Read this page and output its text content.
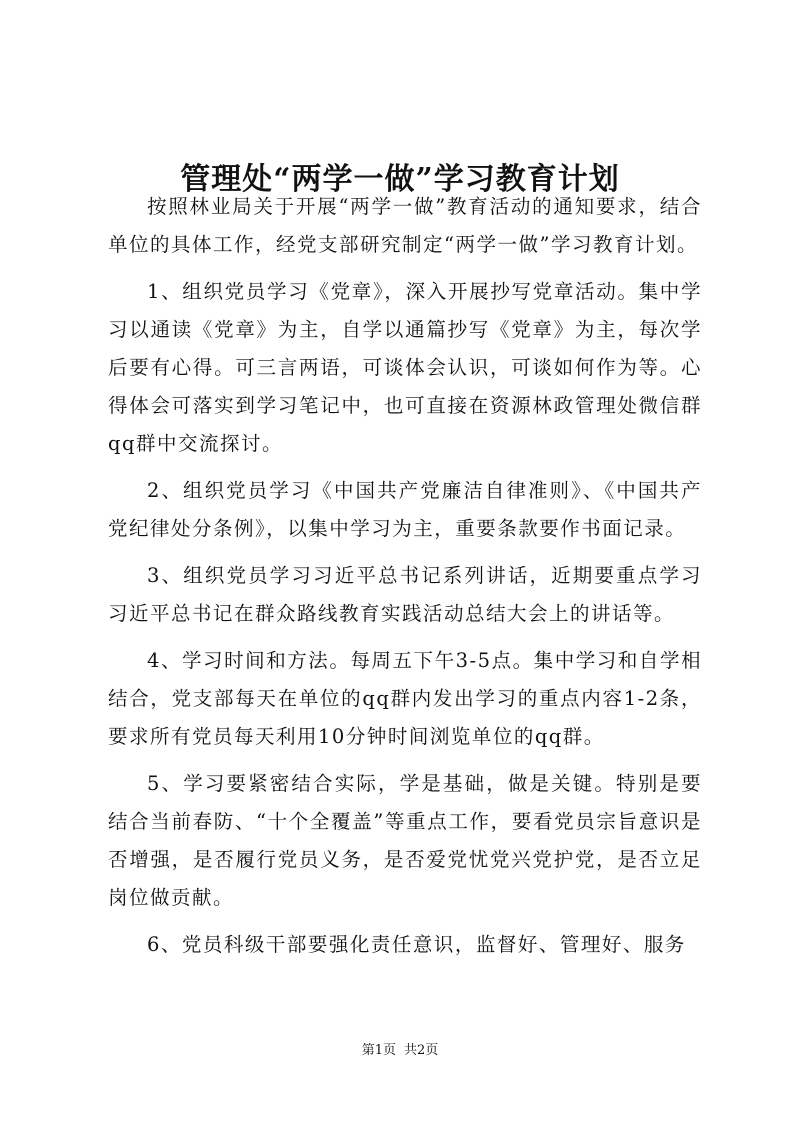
管理处“两学一做”学习教育计划

按照林业局关于开展“两学一做”教育活动的通知要求，结合单位的具体工作，经党支部研究制定“两学一做”学习教育计划。

1、组织党员学习《党章》，深入开展抄写党章活动。集中学习以通读《党章》为主，自学以通篇抄写《党章》为主，每次学后要有心得。可三言两语，可谈体会认识，可谈如何作为等。心得体会可落实到学习笔记中，也可直接在资源林政管理处微信群qq群中交流探讨。

2、组织党员学习《中国共产党廉洁自律准则》、《中国共产党纪律处分条例》，以集中学习为主，重要条款要作书面记录。

3、组织党员学习习近平总书记系列讲话，近期要重点学习习近平总书记在群众路线教育实践活动总结大会上的讲话等。

4、学习时间和方法。每周五下午3-5点。集中学习和自学相结合，党支部每天在单位的qq群内发出学习的重点内容1-2条，要求所有党员每天利用10分钟时间浏览单位的qq群。

5、学习要紧密结合实际，学是基础，做是关键。特别是要结合当前春防、“十个全覆盖”等重点工作，要看党员宗旨意识是否增强，是否履行党员义务，是否爱党忧党兴党护党，是否立足岗位做贡献。

6、党员科级干部要强化责任意识，监督好、管理好、服务

第1页 共2页
